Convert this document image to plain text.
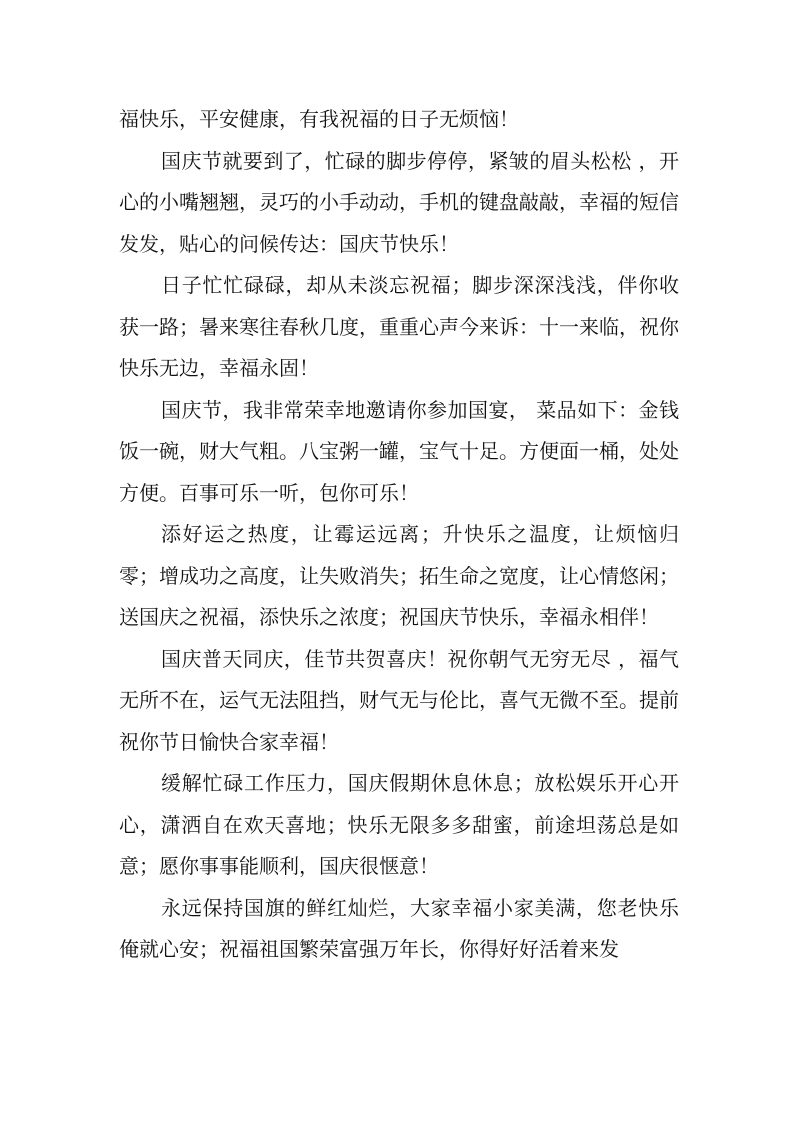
福快乐，平安健康，有我祝福的日子无烦恼！

国庆节就要到了，忙碌的脚步停停，紧皱的眉头松松 ，开心的小嘴翘翘，灵巧的小手动动，手机的键盘敲敲，幸福的短信发发，贴心的问候传达：国庆节快乐！

日子忙忙碌碌，却从未淡忘祝福；脚步深深浅浅，伴你收获一路；暑来寒往春秋几度，重重心声今来诉：十一来临，祝你快乐无边，幸福永固！

国庆节，我非常荣幸地邀请你参加国宴， 菜品如下：金钱饭一碗，财大气粗。八宝粥一罐，宝气十足。方便面一桶，处处方便。百事可乐一听，包你可乐！

添好运之热度，让霉运远离；升快乐之温度，让烦恼归零；增成功之高度，让失败消失；拓生命之宽度，让心情悠闲；送国庆之祝福，添快乐之浓度；祝国庆节快乐，幸福永相伴！

国庆普天同庆，佳节共贺喜庆！祝你朝气无穷无尽 ，福气无所不在，运气无法阻挡，财气无与伦比，喜气无微不至。提前祝你节日愉快合家幸福！

缓解忙碌工作压力，国庆假期休息休息；放松娱乐开心开心，潇洒自在欢天喜地；快乐无限多多甜蜜，前途坦荡总是如意；愿你事事能顺利，国庆很惬意！

永远保持国旗的鲜红灿烂，大家幸福小家美满，您老快乐俺就心安；祝福祖国繁荣富强万年长，你得好好活着来发
